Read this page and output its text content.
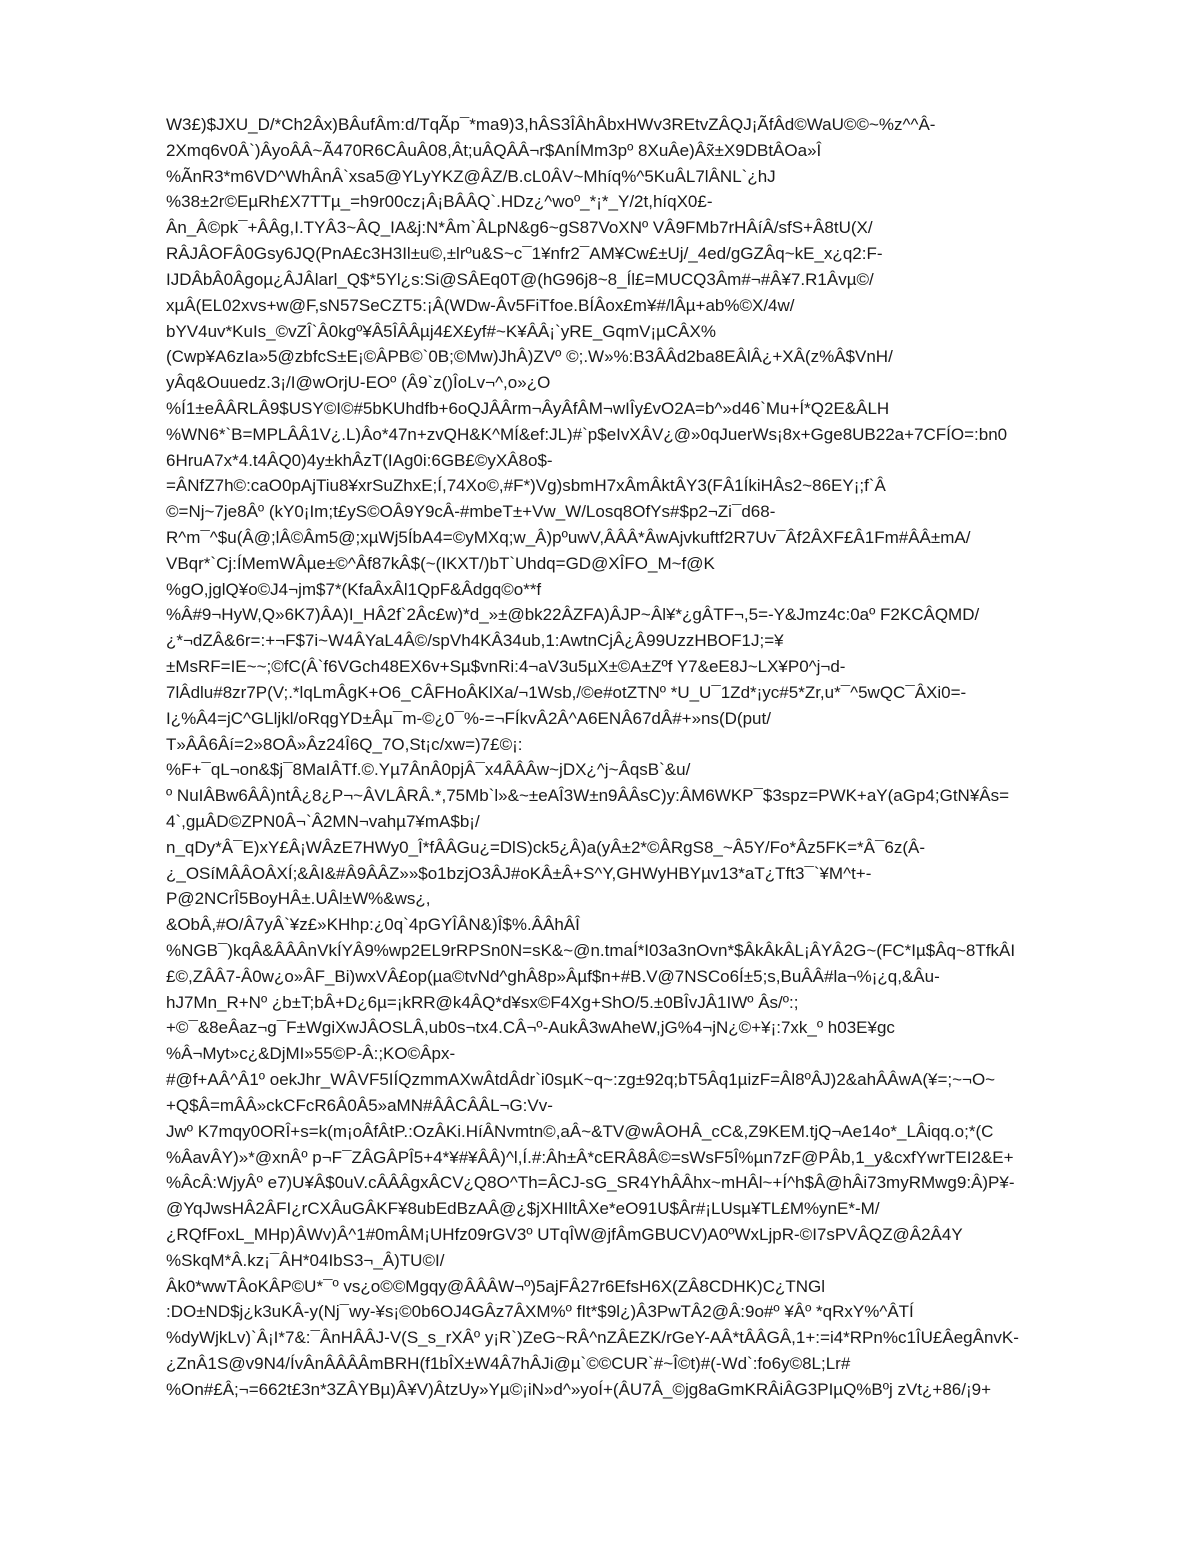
W3£)$JXU_D/*Ch2Âx)BÂufÂm:d/TqÃp¯*ma9)3,hÂS3ÎÂhÂbxHWv3REtvZÂQJ¡ÃfÂd©WaU©©~%z^^Â-
2Xmq6v0Â`)ÂyoÂÂ~Ã470R6CÂuÂ08,Ât;uÂQÂÂ¬r$AnÍMm3pº 8XuÂe)Âx̃±X9DBtÂOa»Î
%ÃnR3*m6VD^WhÂnÂ`xsa5@YLyYKZ@ÂZ/B.cL0ÂV~Mhíq%^5KuÂL7lÂNL`¿hJ
%38±2r©EµRh£X7TTµ_=h9r00cz¡Â¡BÂÂQ`.HDz¿^woº_*¡*_Y/2t,híqX0£-
Ân_Â©pk¯+ÂÂg,I.TYÂ3~ÂQ_IA&j:N*Âm`ÂLpN&g6~gS87VoXNº VÂ9FMb7rHÂíÂ/sfS+Â8tU(X/
RÂJÂOFÂ0Gsy6JQ(PnA£c3H3Il±u©,±lrºu&S~c¯1¥nfr2¯AM¥Cw£±Uj/_4ed/gGZÂq~kE_x¿q2:F-
IJDÂbÂ0Âgoµ¿ÂJÂlarl_Q$*5Yl¿s:Si@SÂEq0T@(hG96j8~8_Íl£=MUCQ3Âm#¬#Â¥7.R1Âvµ©/
xµÂ(EL02xvs+w@F,sN57SeCZT5:¡Â(WDw-Âv5FiTfoe.BÍÂox£m¥#/lÂµ+ab%©X/4w/
bYV4uv*KuIs_©vZÎ`Â0kgº¥Â5ÎÂÂµj4£X£yf#~K¥ÂÂ¡`yRE_GqmV¡µCÂX%
(Cwp¥A6zIa»5@zbfcS±E¡©ÂPB©`0B;©Mw)JhÂ)ZVº ©;.W»%:B3ÂÂd2ba8EÂlÂ¿+XÂ(z%Â$VnH/
yÂq&Ouuedz.3¡/I@wOrjU-EOº (Â9`z()ÎoLv¬^,o»¿O
%Í1±eÂÂRLÂ9$USY©I©#5bKUhdfb+6oQJÂÂrm¬ÂyÂfÂM¬wIÎy£vO2A=b^»d46`Mu+Í*Q2E&ÂLH
%WN6*`B=MPLÂÂ1V¿.L)Âo*47n+zvQH&K^MÍ&ef:JL)#`p$eIvXÂV¿@»0qJuerWs¡8x+Gge8UB22a+7CFÍO=:bn0
6HruA7x*4.t4ÂQ0)4y±khÂzT(IAg0i:6GB£©yXÂ8o$-
=ÂNfZ7h©:caO0pAjTiu8¥xrSuZhxE;Í,74Xo©,#F*)Vg)sbmH7xÂmÂktÂY3(FÂ1ÍkiHÂs2~86EY¡;f`Â
©=Nj~7je8Âº (kY0¡Im;t£yS©OÂ9Y9cÂ-#mbeT±+Vw_W/Losq8OfYs#$p2¬Zi¯d68-
R^m¯^$u(Â@;lÂ©Âm5@;xµWj5ÍbA4=©yMXq;w_Â)pºuwV,ÂÂÂ*ÂwAjvkuftf2R7Uv¯Âf2ÂXF£Â1Fm#ÂÂ±mA/
VBqr*`Cj:ÍMemWÂµe±©^Âf87kÂ$(~(IKXT/)bT`Uhdq=GD@XÎFO_M~f@K
%gO,jglQ¥o©J4¬jm$7*(KfaÂxÂl1QpF&Âdgq©o**f
%Â#9¬HyW,Q»6K7)ÂA)I_HÂ2f`2Âc£w)*d_»±@bk22ÂZFA)ÂJP~Âl¥*¿gÂTF¬,5=-Y&Jmz4c:0aº F2KCÂQMD/
¿*¬dZÂ&6r=:+¬F$7i~W4ÂYaL4Â©/spVh4KÂ34ub,1:AwtnCjÂ¿Â99UzzHBOF1J;=¥
±MsRF=IE~~;©fC(Â`f6VGch48EX6v+Sµ$vnRi:4¬aV3u5µX±©A±Zºf Y7&eE8J~LX¥P0^j¬d-
7lÂdlu#8zr7P(V;.*lqLmÂgK+O6_CÂFHoÂKlXa/¬1Wsb,/©e#otZTNº *U_U¯1Zd*¡yc#5*Zr,u*¯^5wQC¯ÂXi0=-
I¿%Â4=jC^GLljkl/oRqgYD±Âµ¯m-©¿0¯%-=¬FÍkvÂ2Â^A6ENÂ67dÂ#+»ns(D(put/
T»ÂÂ6Âí=2»8OÂ»Âz24Î6Q_7O,St¡c/xw=)7£©¡:
%F+¯qL¬on&$j¯8MaIÂTf.©.Yµ7ÂnÂ0pjÂ¯x4ÂÂÂw~jDX¿^j~ÂqsB`&u/
º NuIÂBw6ÂÂ)ntÂ¿8¿P¬~ÂVLÂRÂ.*,75Mb`l»&~±eAÎ3W±n9ÂÂsC)y:ÂM6WKP¯$3spz=PWK+aY(aGp4;GtN¥Âs=
4`,gµÂD©ZPN0Â¬`Â2MN¬vahµ7¥mA$b¡/
n_qDy*Â¯E)xY£Â¡WÂzE7HWy0_Î*fÂÂGu¿=DlS)ck5¿Â)a(yÂ±2*©ÂRgS8_~Â5Y/Fo*Âz5FK=*Â¯6z(Â-
¿_OSíMÂÂOÂXÍ;&ÂI&#Â9ÂÂZ»»$o1bzjO3ÂJ#oKÂ±Â+S^Y,GHWyHBYµv13*aT¿Tft3¯`¥M^t+-
P@2NCrÎ5BoyHÂ±.UÂl±W%&ws¿,
&ObÂ,#O/Â7yÂ`¥z£»KHhp:¿0q`4pGYÎÂN&)Î$%.ÂÂhÂÎ
%NGB¯)kqÂ&ÂÂÂnVkÍYÂ9%wp2EL9rRPSn0N=sK&~@n.tmaÍ*I03a3nOvn*$ÂkÂkÂL¡ÂYÂ2G~(FC*Iµ$Âq~8TfkÂI
£©,ZÂÂ7-Â0w¿o»ÂF_Bi)wxVÂ£op(µa©tvNd^ghÂ8p»Âµf$n+#B.V@7NSCo6Í±5;s,BuÂÂ#la¬%¡¿q,&Âu-
hJ7Mn_R+Nº ¿b±T;bÂ+D¿6µ=¡kRR@k4ÂQ*d¥sx©F4Xg+ShO/5.±0BÎvJÂ1IWº Âs/º:;
+©¯&8eÂaz¬g¯F±WgiXwJÂOSLÂ,ub0s¬tx4.CÂ¬º-AukÂ3wAheW,jG%4¬jN¿©+¥¡:7xk_º h03E¥gc
%Â¬Myt»c¿&DjMI»55©P-Â:;KO©Âpx-
#@f+AÂ^Â1º oekJhr_WÂVF5IÍQzmmAXwÂtdÂdr`i0sµK~q~:zg±92q;bT5Âq1µizF=Âl8ºÂJ)2&ahÂÂwA(¥=;~¬O~
+Q$Â=mÂÂ»ckCFcR6Â0Â5»aMN#ÂÂCÂÂL¬G:Vv-
Jwº K7mqy0ORÎ+s=k(m¡oÂfÂtP.:OzÂKi.HíÂNvmtn©,aÂ~&TV@wÂOHÂ_cC&,Z9KEM.tjQ¬Ae14o*_LÂiqq.o;*(C
%ÂavÂY)»*@xnÂº p¬F¯ZÂGÂPÎ5+4*¥#¥ÂÂ)^l,Í.#:Âh±Â*cERÂ8Â©=sWsF5Î%µn7zF@PÂb,1_y&cxfYwrTEI2&E+
%ÂcÂ:WjyÂº e7)U¥Â$0uV.cÂÂÂgxÂCV¿Q8O^Th=ÂCJ-sG_SR4YhÂÂhx~mHÂl~+Í^h$Â@hÂi73myRMwg9:Â)P¥-
@YqJwsHÂ2ÂFI¿rCXÂuGÂKF¥8ubEdBzAÂ@¿$jXHIltÂXe*eO91U$Âr#¡LUsµ¥TL£M%ynE*-M/
¿RQfFoxL_MHp)ÂWv)Â^1#0mÂM¡UHfz09rGV3º UTqÎW@jfÂmGBUCV)A0ºWxLjpR-©I7sPVÂQZ@Â2Â4Y
%SkqM*Â.kz¡¯ÂH*04IbS3¬_Â)TU©I/
Âk0*wwTÂoKÂP©U*¯º vs¿o©©Mgqy@ÂÂÂW¬º)5ajFÂ27r6EfsH6X(ZÂ8CDHK)C¿TNGl
:DO±ND$j¿k3uKÂ-y(Nj¯wy-¥s¡©0b6OJ4GÂz7ÂXM%º fIt*$9l¿)Â3PwTÂ2@Â:9o#º ¥Âº *qRxY%^ÂTÍ
%dyWjkLv)`Â¡I*7&:¯ÂnHÂÂJ-V(S_s_rXÂº y¡R`)ZeG~RÂ^nZÂEZK/rGeY-AÂ*tÂÂGÂ,1+:=i4*RPn%c1ÎU£ÂegÂnvK-
¿ZnÂ1S@v9N4/ÍvÂnÂÂÂÂmBRH(f1bÎX±W4Â7hÂJi@µ`©©CUR`#~Î©t)#(-Wd`:fo6y©8L;Lr#
%On#£Â;¬=662t£3n*3ZÂYBµ)Â¥V)ÂtzUy»Yµ©¡iN»d^»yoÍ+(ÂU7Â_©jg8aGmKRÂiÂG3PIµQ%Bºj zVt¿+86/¡9+
